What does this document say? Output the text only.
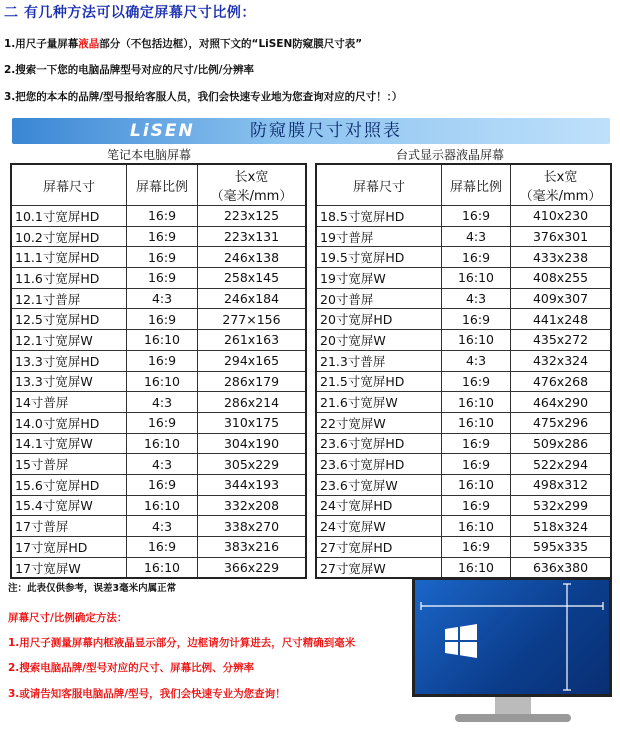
二 有几种方法可以确定屏幕尺寸比例：
1.用尺子量屏幕液晶部分（不包括边框），对照下文的“LiSEN防窥膜尺寸表”
2.搜索一下您的电脑品牌型号对应的尺寸/比例/分辨率
3.把您的本本的品牌/型号报给客服人员，我们会快速专业地为您查询对应的尺寸！：）
LiSEN	防窥膜尺寸对照表
笔记本电脑屏幕	台式显示器液晶屏幕
屏幕尺寸	屏幕比例	长x宽
（毫米/mm）
10.1寸宽屏HD	16:9	223x125
10.2寸宽屏HD	16:9	223x131
11.1寸宽屏HD	16:9	246x138
11.6寸宽屏HD	16:9	258x145
12.1寸普屏	4:3	246x184
12.5寸宽屏HD	16:9	277×156
12.1寸宽屏W	16:10	261x163
13.3寸宽屏HD	16:9	294x165
13.3寸宽屏W	16:10	286x179
14寸普屏	4:3	286x214
14.0寸宽屏HD	16:9	310x175
14.1寸宽屏W	16:10	304x190
15寸普屏	4:3	305x229
15.6寸宽屏HD	16:9	344x193
15.4寸宽屏W	16:10	332x208
17寸普屏	4:3	338x270
17寸宽屏HD	16:9	383x216
17寸宽屏W	16:10	366x229
屏幕尺寸	屏幕比例	长x宽
（毫米/mm）
18.5寸宽屏HD	16:9	410x230
19寸普屏	4:3	376x301
19.5寸宽屏HD	16:9	433x238
19寸宽屏W	16:10	408x255
20寸普屏	4:3	409x307
20寸宽屏HD	16:9	441x248
20寸宽屏W	16:10	435x272
21.3寸普屏	4:3	432x324
21.5寸宽屏HD	16:9	476x268
21.6寸宽屏W	16:10	464x290
22寸宽屏W	16:10	475x296
23.6寸宽屏HD	16:9	509x286
23.6寸宽屏HD	16:9	522x294
23.6寸宽屏W	16:10	498x312
24寸宽屏HD	16:9	532x299
24寸宽屏W	16:10	518x324
27寸宽屏HD	16:9	595x335
27寸宽屏W	16:10	636x380
注：此表仅供参考，误差3毫米内属正常
屏幕尺寸/比例确定方法：
1.用尺子测量屏幕内框液晶显示部分，边框请勿计算进去，尺寸精确到毫米
2.搜索电脑品牌/型号对应的尺寸、屏幕比例、分辨率
3.或请告知客服电脑品牌/型号，我们会快速专业为您查询！
